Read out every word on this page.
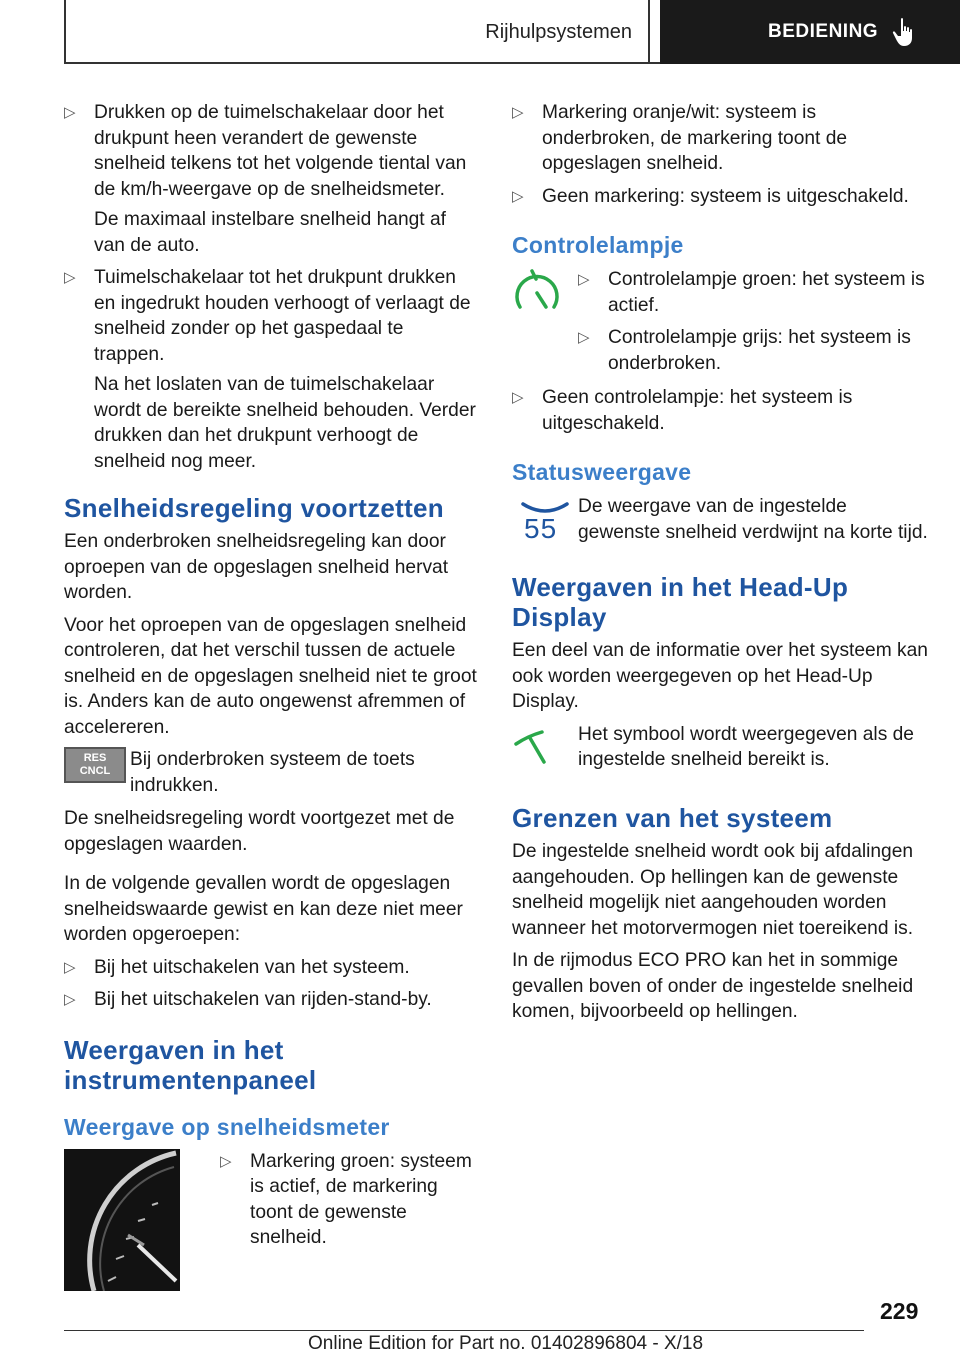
Rijhulpsystemen	BEDIENING
▷ Drukken op de tuimelschakelaar door het drukpunt heen verandert de gewenste snelheid telkens tot het volgende tiental van de km/h-weergave op de snelheidsmeter.

De maximaal instelbare snelheid hangt af van de auto.

▷ Tuimelschakelaar tot het drukpunt drukken en ingedrukt houden verhoogt of verlaagt de snelheid zonder op het gaspedaal te trappen.

Na het loslaten van de tuimelschakelaar wordt de bereikte snelheid behouden. Verder drukken dan het drukpunt verhoogt de snelheid nog meer.

Snelheidsregeling voortzetten

Een onderbroken snelheidsregeling kan door oproepen van de opgeslagen snelheid hervat worden.

Voor het oproepen van de opgeslagen snelheid controleren, dat het verschil tussen de actuele snelheid en de opgeslagen snelheid niet te groot is. Anders kan de auto ongewenst afremmen of accelereren.

RES
CNCL
Bij onderbroken systeem de toets indrukken.

De snelheidsregeling wordt voortgezet met de opgeslagen waarden.

In de volgende gevallen wordt de opgeslagen snelheidswaarde gewist en kan deze niet meer worden opgeroepen:

▷ Bij het uitschakelen van het systeem.
▷ Bij het uitschakelen van rijden-stand-by.
Weergaven in het instrumentenpaneel
Weergave op snelheidsmeter
▷ Markering groen: systeem is actief, de markering toont de gewenste snelheid.
▷ Markering oranje/wit: systeem is onderbroken, de markering toont de opgeslagen snelheid.
▷ Geen markering: systeem is uitgeschakeld.
Controlelampje
▷ Controlelampje groen: het systeem is actief.
▷ Controlelampje grijs: het systeem is onderbroken.
▷ Geen controlelampje: het systeem is uitgeschakeld.
Statusweergave
55
De weergave van de ingestelde gewenste snelheid verdwijnt na korte tijd.
Weergaven in het Head-Up Display

Een deel van de informatie over het systeem kan ook worden weergegeven op het Head-Up Display.

Het symbool wordt weergegeven als de ingestelde snelheid bereikt is.
Grenzen van het systeem

De ingestelde snelheid wordt ook bij afdalingen aangehouden. Op hellingen kan de gewenste snelheid mogelijk niet aangehouden worden wanneer het motorvermogen niet toereikend is.

In de rijmodus ECO PRO kan het in sommige gevallen boven of onder de ingestelde snelheid komen, bijvoorbeeld op hellingen.

229
Online Edition for Part no. 01402896804 - X/18
